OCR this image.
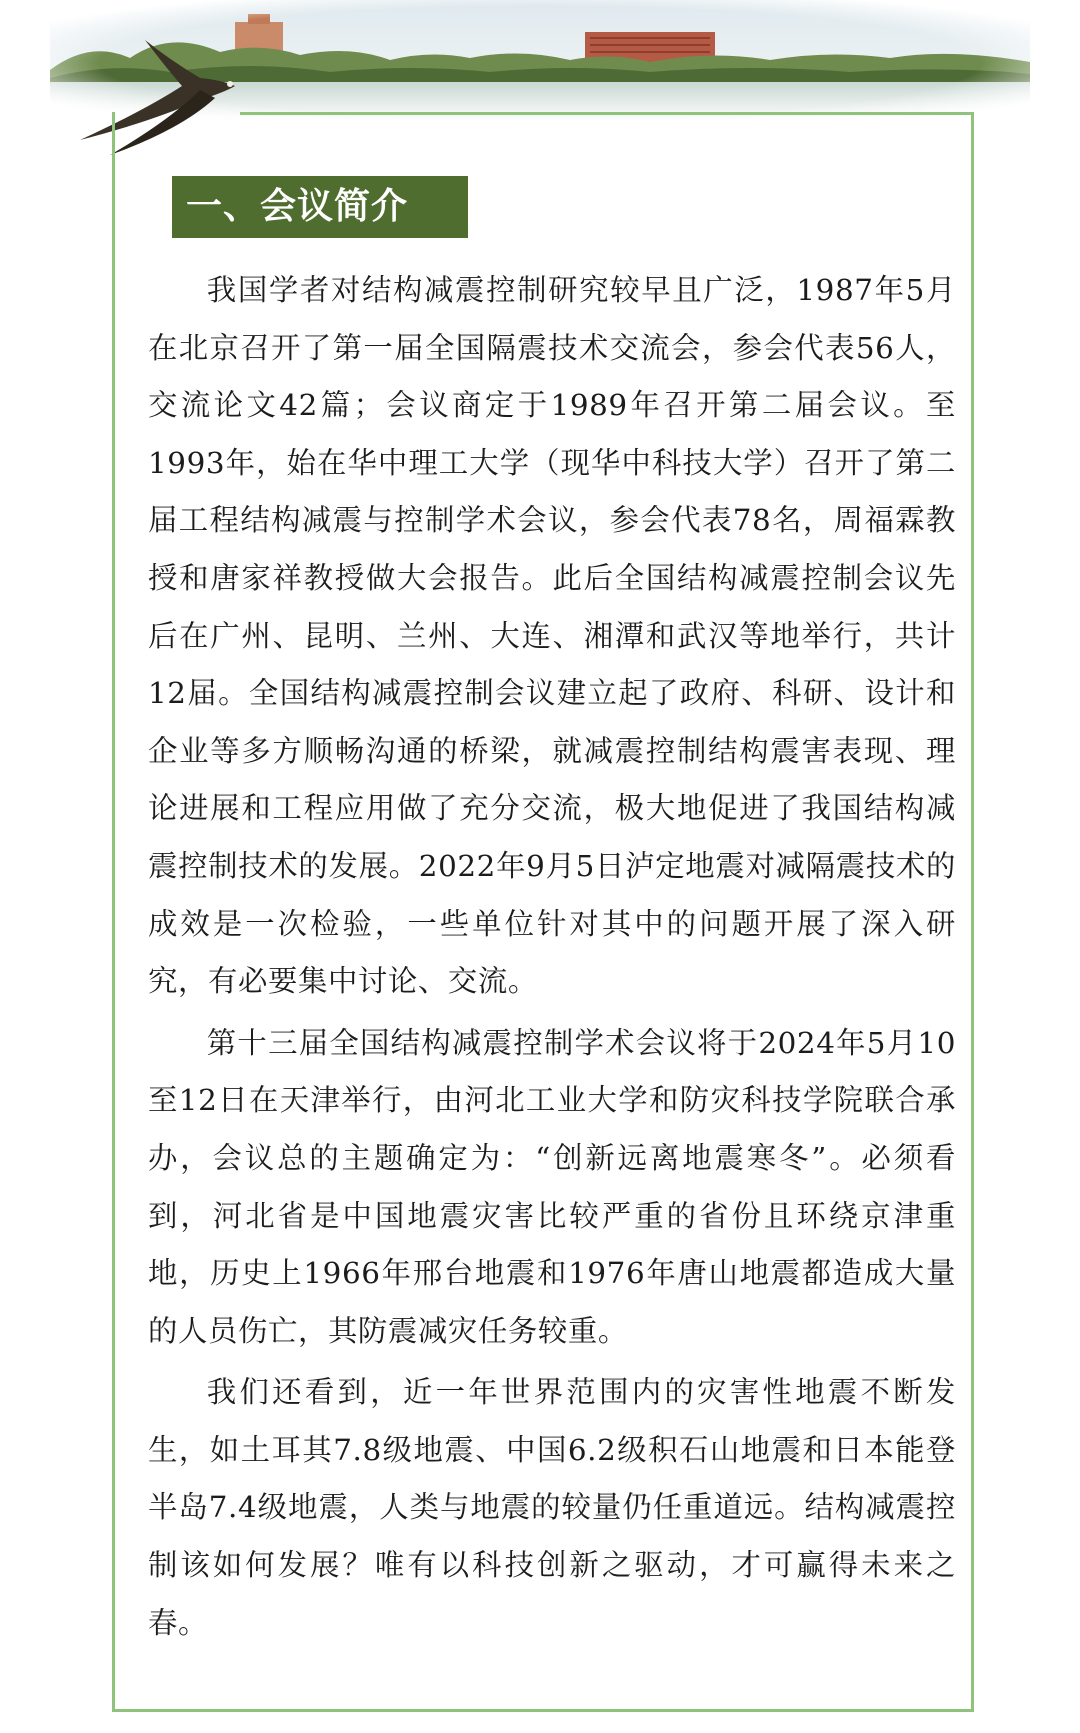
一、会议简介

我国学者对结构减震控制研究较早且广泛，1987年5月在北京召开了第一届全国隔震技术交流会，参会代表56人，交流论文42篇；会议商定于1989年召开第二届会议。至1993年，始在华中理工大学（现华中科技大学）召开了第二届工程结构减震与控制学术会议，参会代表78名，周福霖教授和唐家祥教授做大会报告。此后全国结构减震控制会议先后在广州、昆明、兰州、大连、湘潭和武汉等地举行，共计12届。全国结构减震控制会议建立起了政府、科研、设计和企业等多方顺畅沟通的桥梁，就减震控制结构震害表现、理论进展和工程应用做了充分交流，极大地促进了我国结构减震控制技术的发展。2022年9月5日泸定地震对减隔震技术的成效是一次检验，一些单位针对其中的问题开展了深入研究，有必要集中讨论、交流。

第十三届全国结构减震控制学术会议将于2024年5月10至12日在天津举行，由河北工业大学和防灾科技学院联合承办，会议总的主题确定为：“创新远离地震寒冬”。必须看到，河北省是中国地震灾害比较严重的省份且环绕京津重地，历史上1966年邢台地震和1976年唐山地震都造成大量的人员伤亡，其防震减灾任务较重。

我们还看到，近一年世界范围内的灾害性地震不断发生，如土耳其7.8级地震、中国6.2级积石山地震和日本能登半岛7.4级地震，人类与地震的较量仍任重道远。结构减震控制该如何发展？唯有以科技创新之驱动，才可赢得未来之春。
